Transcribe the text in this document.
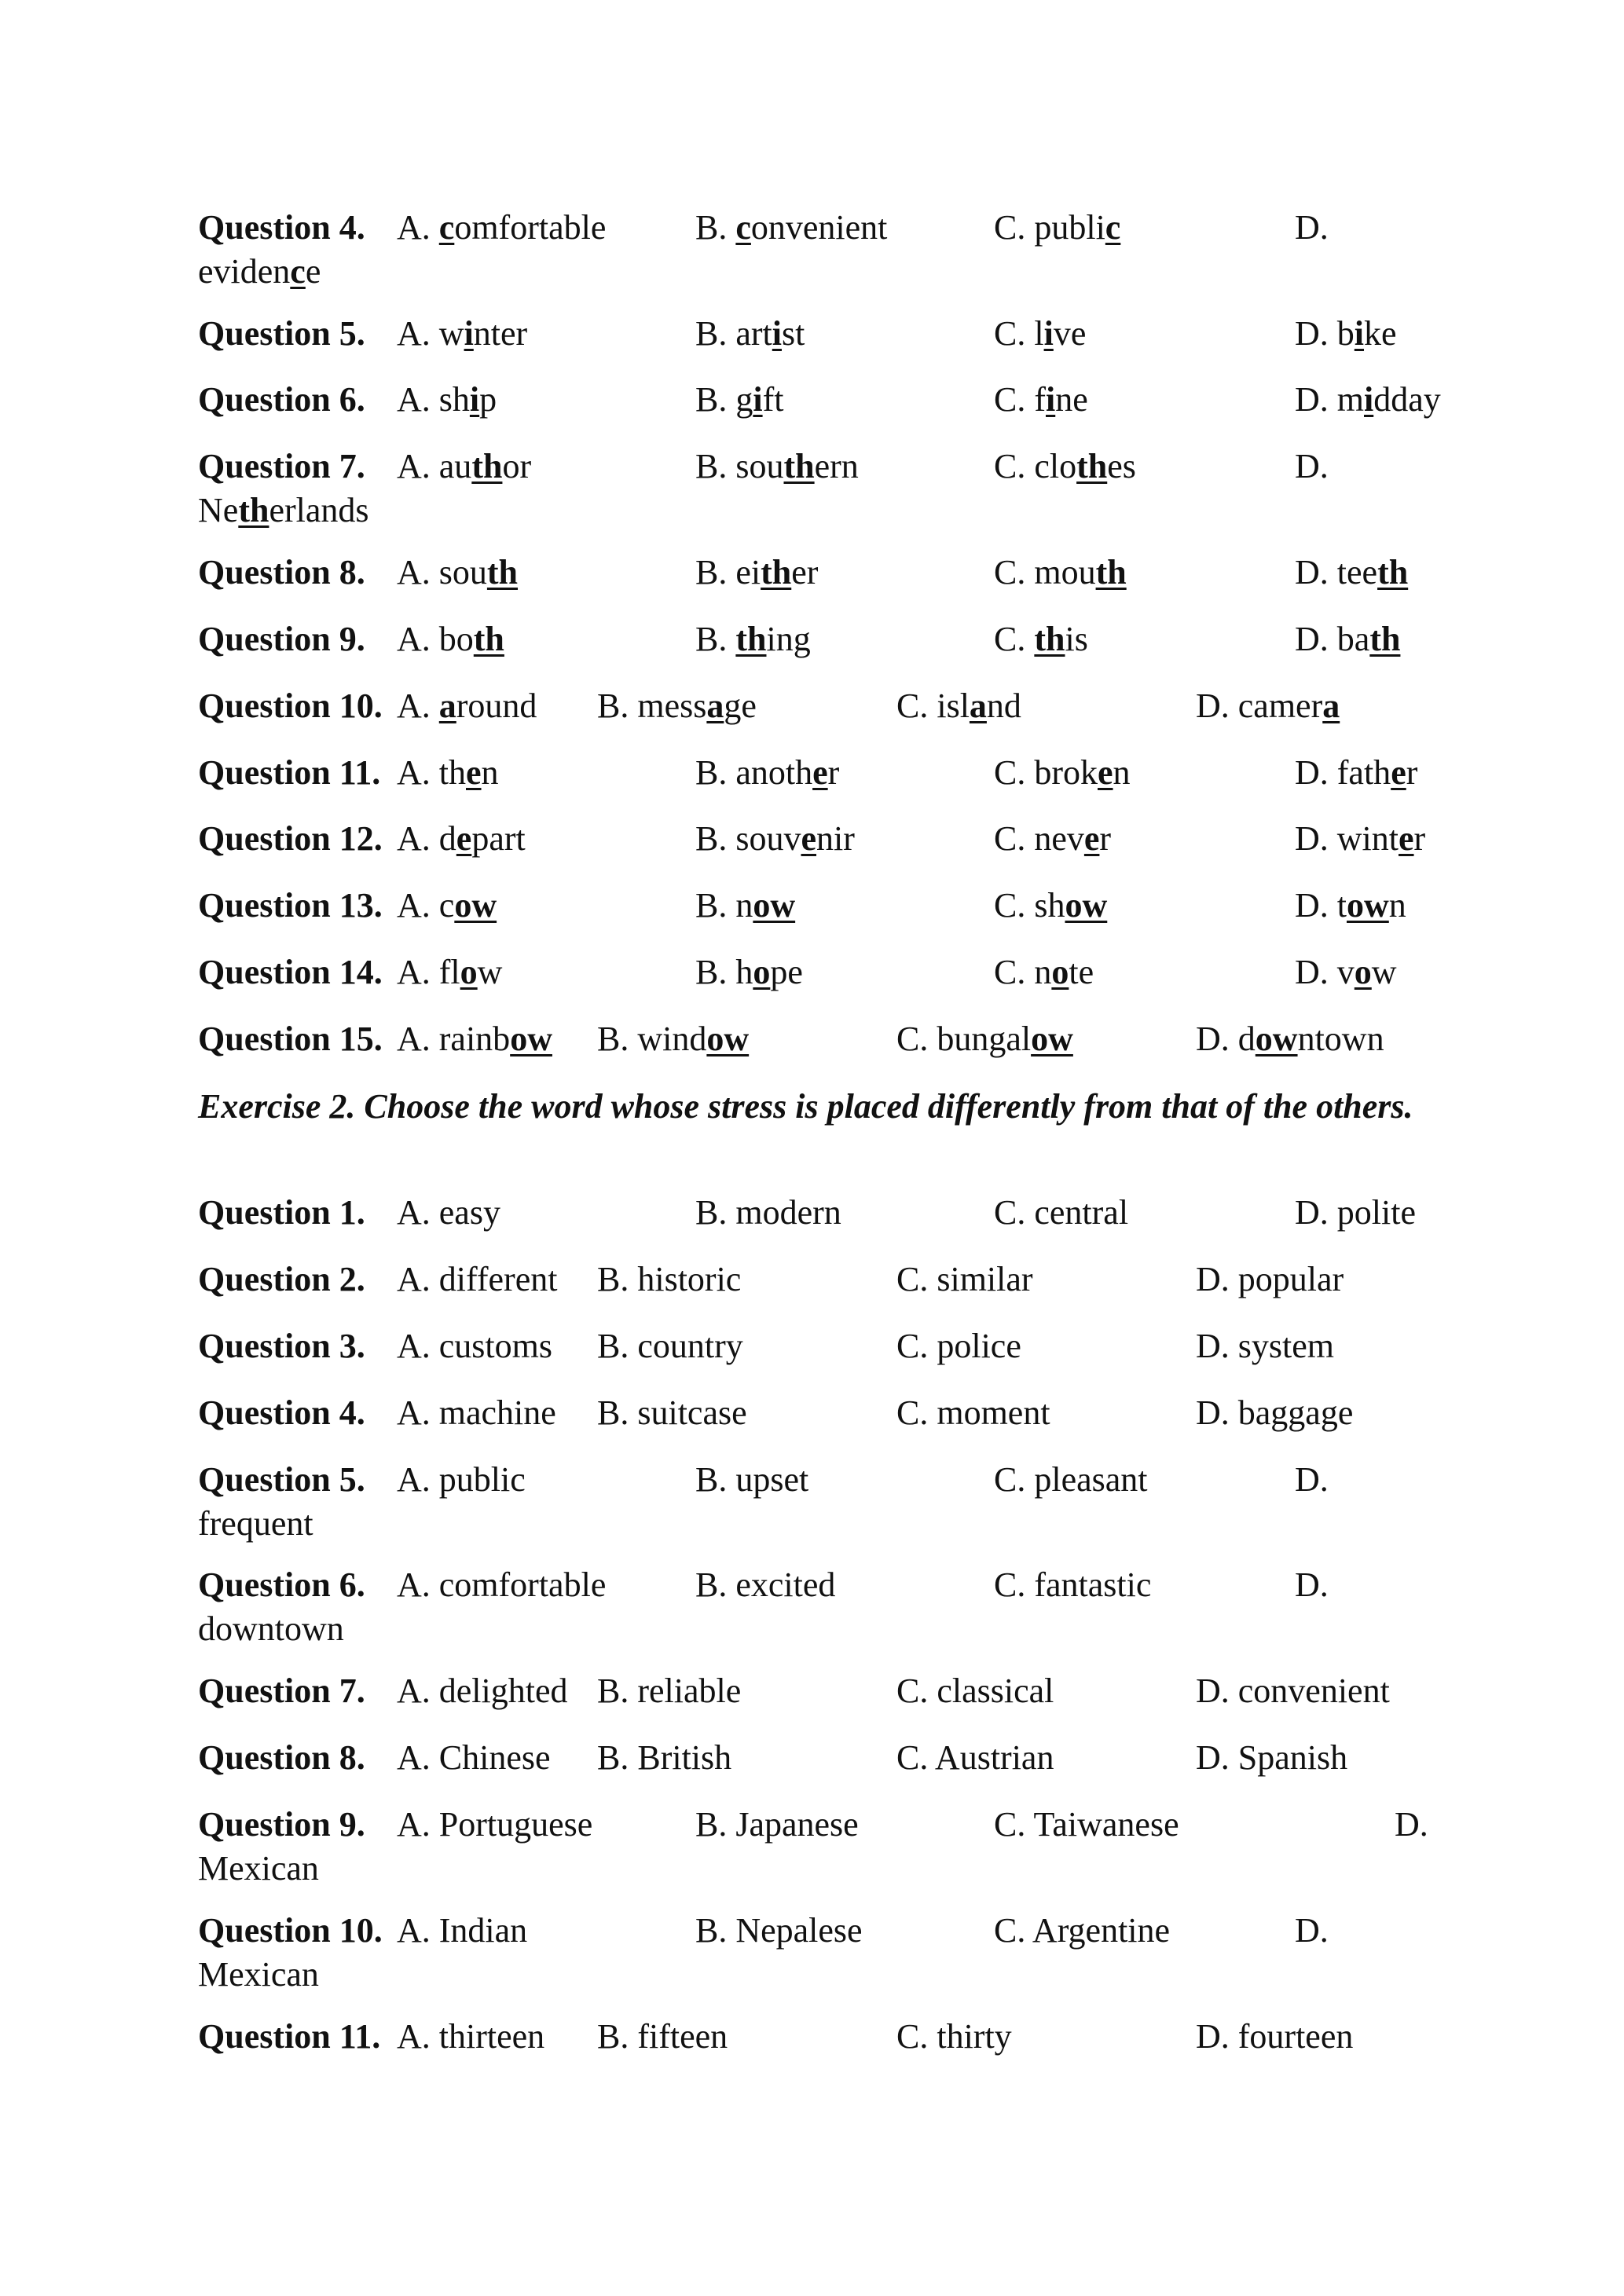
Question 4. A. comfortable	B. convenient	C. public	D.
evidence
Question 5. A. winter	B. artist	C. live	D. bike
Question 6. A. ship	B. gift	C. fine	D. midday
Question 7. A. author	B. southern	C. clothes	D.
Netherlands
Question 8. A. south	B. either	C. mouth	D. teeth
Question 9. A. both	B. thing	C. this	D. bath
Question 10. A. around B. message	C. island	D. camera
Question 11. A. then	B. another	C. broken	D. father
Question 12. A. depart	B. souvenir	C. never	D. winter
Question 13. A. cow	B. now	C. show	D. town
Question 14. A. flow	B. hope	C. note	D. vow
Question 15. A. rainbow B. window	C. bungalow	D. downtown
Exercise 2. Choose the word whose stress is placed differently from that of the others.
Question 1. A. easy	B. modern	C. central	D. polite
Question 2. A. different B. historic	C. similar	D. popular
Question 3. A. customs B. country	C. police	D. system
Question 4. A. machine B. suitcase	C. moment	D. baggage
Question 5. A. public	B. upset	C. pleasant	D.
frequent
Question 6. A. comfortable	B. excited	C. fantastic	D.
downtown
Question 7. A. delighted B. reliable	C. classical	D. convenient
Question 8. A. Chinese B. British	C. Austrian	D. Spanish
Question 9. A. Portuguese	B. Japanese	C. Taiwanese	D.
Mexican
Question 10. A. Indian	B. Nepalese	C. Argentine	D.
Mexican
Question 11. A. thirteen B. fifteen	C. thirty	D. fourteen
